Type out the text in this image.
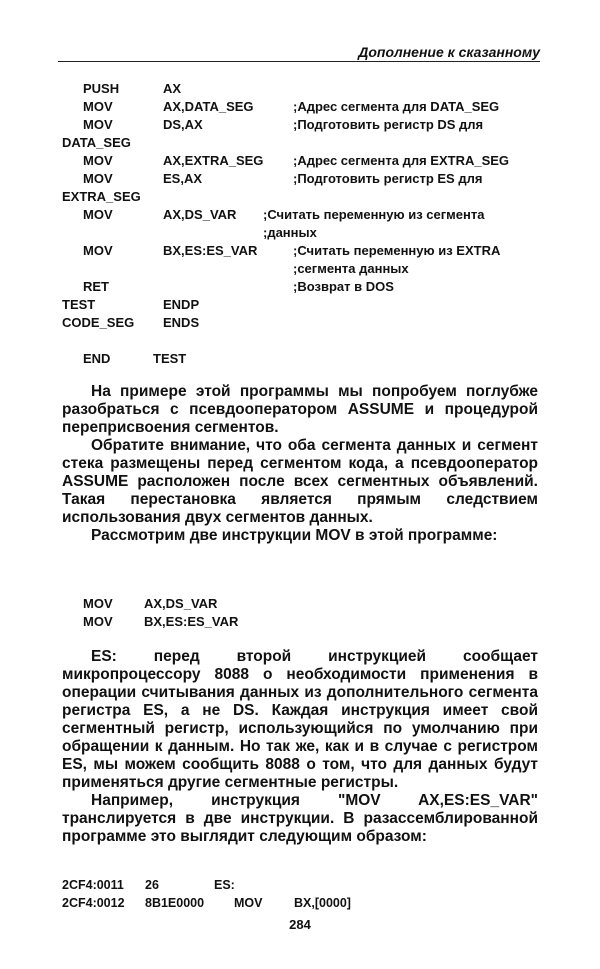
Дополнение к сказанному
PUSH	AX
MOV	AX,DATA_SEG	;Адрес сегмента для DATA_SEG
MOV	DS,AX	;Подготовить регистр DS для
DATA_SEG
MOV	AX,EXTRA_SEG ;Адрес сегмента для EXTRA_SEG
MOV	ES,AX	;Подготовить регистр ES для
EXTRA_SEG
MOV	AX,DS_VAR ;Считать переменную из сегмента
;данных
MOV	BX,ES:ES_VAR	;Считать переменную из EXTRA
;сегмента данных
RET	;Возврат в DOS
TEST	ENDP
CODE_SEG ENDS
END	TEST

На примере этой программы мы попробуем поглубже разобраться с псевдооператором ASSUME и процедурой переприсвоения сегментов.

Обратите внимание, что оба сегмента данных и сегмент стека размещены перед сегментом кода, а псевдооператор ASSUME расположен после всех сегментных объявлений. Такая перестановка является прямым следствием использования двух сегментов данных.

Рассмотрим две инструкции MOV в этой программе:

MOV AX,DS_VAR
MOV BX,ES:ES_VAR

ES: перед второй инструкцией сообщает микропроцессору 8088 о необходимости применения в операции считывания данных из дополнительного сегмента регистра ES, а не DS. Каждая инструкция имеет свой сегментный регистр, использующийся по умолчанию при обращении к данным. Но так же, как и в случае с регистром ES, мы можем сообщить 8088 о том, что для данных будут применяться другие сегментные регистры.

Например, инструкция "MOV AX,ES:ES_VAR" транслируется в две инструкции. В разассемблированной программе это выглядит следующим образом:

2CF4:0011 26	ES:
2CF4:0012 8B1E0000 MOV	BX,[0000]
284
